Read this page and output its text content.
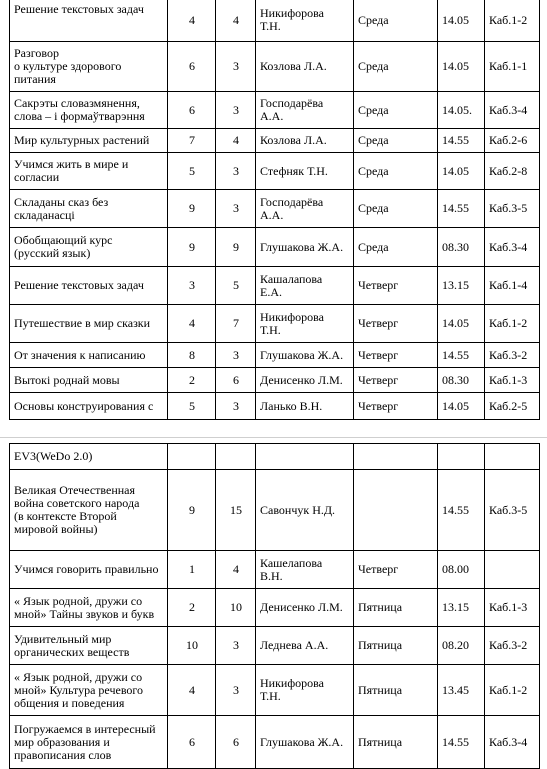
Решение текстовых задач	4	4	Никифорова
Т.Н.	Среда	14.05	Каб.1-2
Разговор
о культуре здорового
питания	6	3	Козлова Л.А.	Среда	14.05	Каб.1-1
Сакрэты словазмянення,
слова – і формаўтварэння	6	3	Господарёва
А.А.	Среда	14.05.	Каб.3-4
Мир культурных растений	7	4	Козлова Л.А.	Среда	14.55	Каб.2-6
Учимся жить в мире и
согласии	5	3	Стефняк Т.Н.	Среда	14.05	Каб.2-8
Складаны сказ без
складанасці	9	3	Господарёва
А.А.	Среда	14.55	Каб.3-5
Обобщающий курс
(русский язык)	9	9	Глушакова Ж.А.	Среда	08.30	Каб.3-4
Решение текстовых задач	3	5	Кашалапова
Е.А.	Четверг	13.15	Каб.1-4
Путешествие в мир сказки	4	7	Никифорова
Т.Н.	Четверг	14.05	Каб.1-2
От значения к написанию	8	3	Глушакова Ж.А.	Четверг	14.55	Каб.3-2
Вытокі роднай мовы	2	6	Денисенко Л.М.	Четверг	08.30	Каб.1-3
Основы конструирования с	5	3	Ланько В.Н.	Четверг	14.05	Каб.2-5
EV3(WeDo 2.0)						
Великая Отечественная
война советского народа
(в контексте Второй
мировой войны)	9	15	Савончук Н.Д.		14.55	Каб.3-5
Учимся говорить правильно	1	4	Кашелапова
В.Н.	Четверг	08.00	
« Язык родной, дружи со
мной» Тайны звуков и букв	2	10	Денисенко Л.М.	Пятница	13.15	Каб.1-3
Удивительный мир
органических веществ	10	3	Леднева А.А.	Пятница	08.20	Каб.3-2
« Язык родной, дружи со
мной» Культура речевого
общения и поведения	4	3	Никифорова
Т.Н.	Пятница	13.45	Каб.1-2
Погружаемся в интересный
мир образования и
правописания слов	6	6	Глушакова Ж.А.	Пятница	14.55	Каб.3-4
